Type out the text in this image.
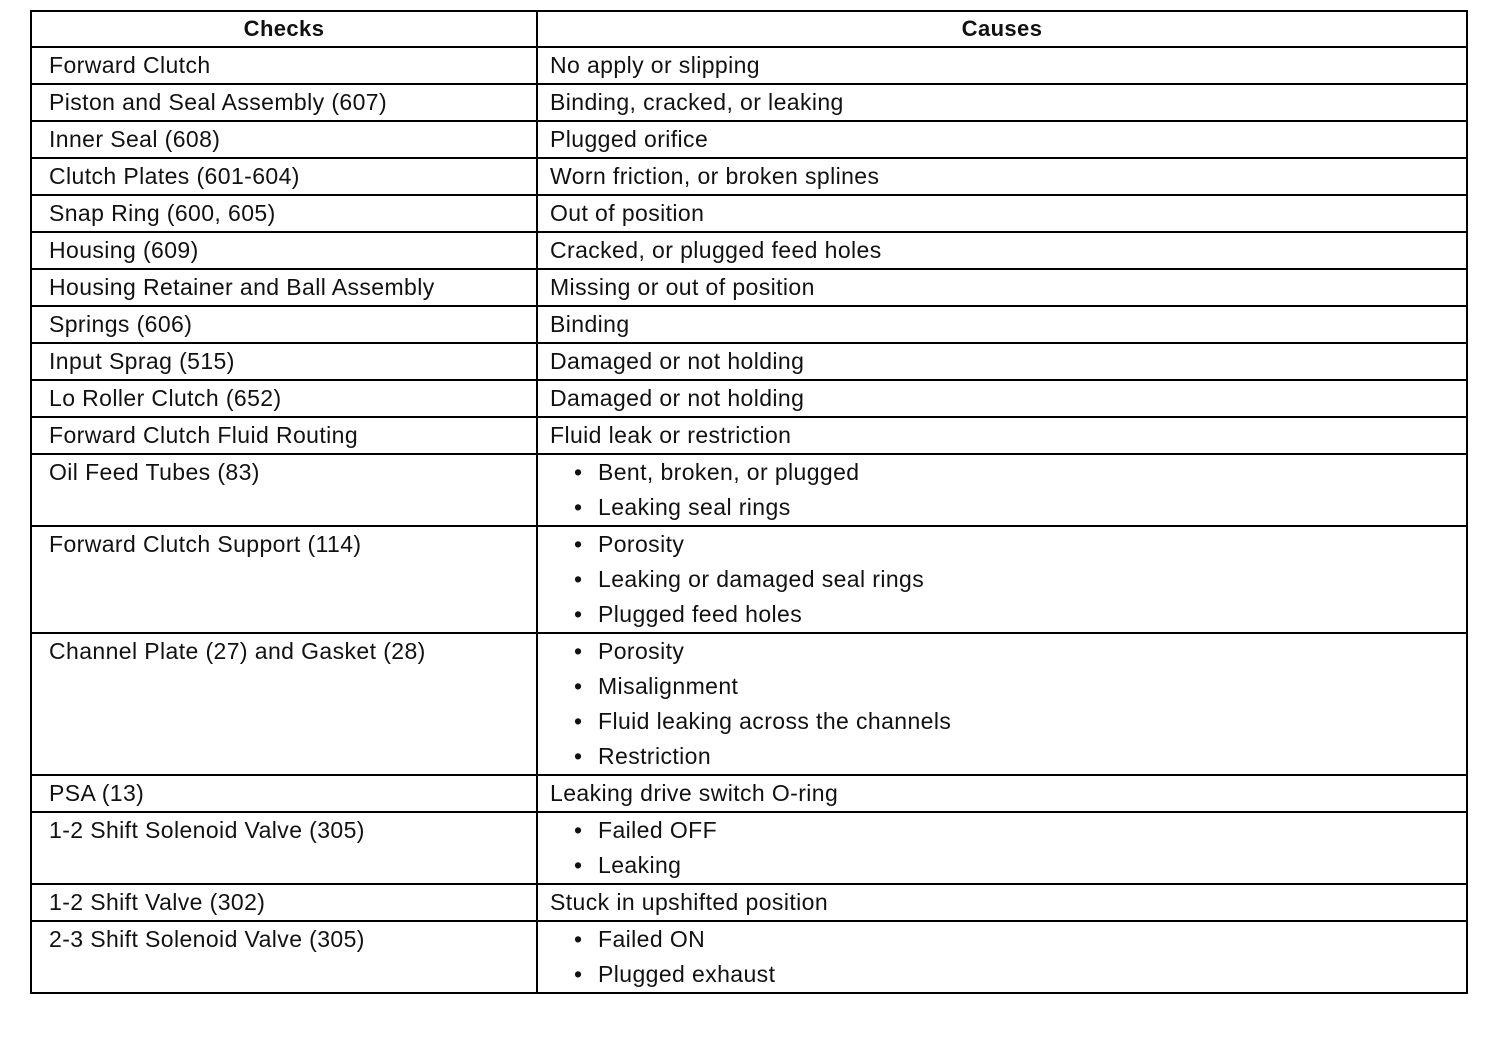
Checks	Causes
Forward Clutch	No apply or slipping
Piston and Seal Assembly (607)	Binding, cracked, or leaking
Inner Seal (608)	Plugged orifice
Clutch Plates (601-604)	Worn friction, or broken splines
Snap Ring (600, 605)	Out of position
Housing (609)	Cracked, or plugged feed holes
Housing Retainer and Ball Assembly	Missing or out of position
Springs (606)	Binding
Input Sprag (515)	Damaged or not holding
Lo Roller Clutch (652)	Damaged or not holding
Forward Clutch Fluid Routing	Fluid leak or restriction
Oil Feed Tubes (83)	• Bent, broken, or plugged
• Leaking seal rings

Forward Clutch Support (114)	• Porosity
• Leaking or damaged seal rings
• Plugged feed holes

Channel Plate (27) and Gasket (28)	• Porosity
• Misalignment
• Fluid leaking across the channels
• Restriction

PSA (13)	Leaking drive switch O-ring
1-2 Shift Solenoid Valve (305)	• Failed OFF
• Leaking

1-2 Shift Valve (302)	Stuck in upshifted position
2-3 Shift Solenoid Valve (305)	• Failed ON
• Plugged exhaust
